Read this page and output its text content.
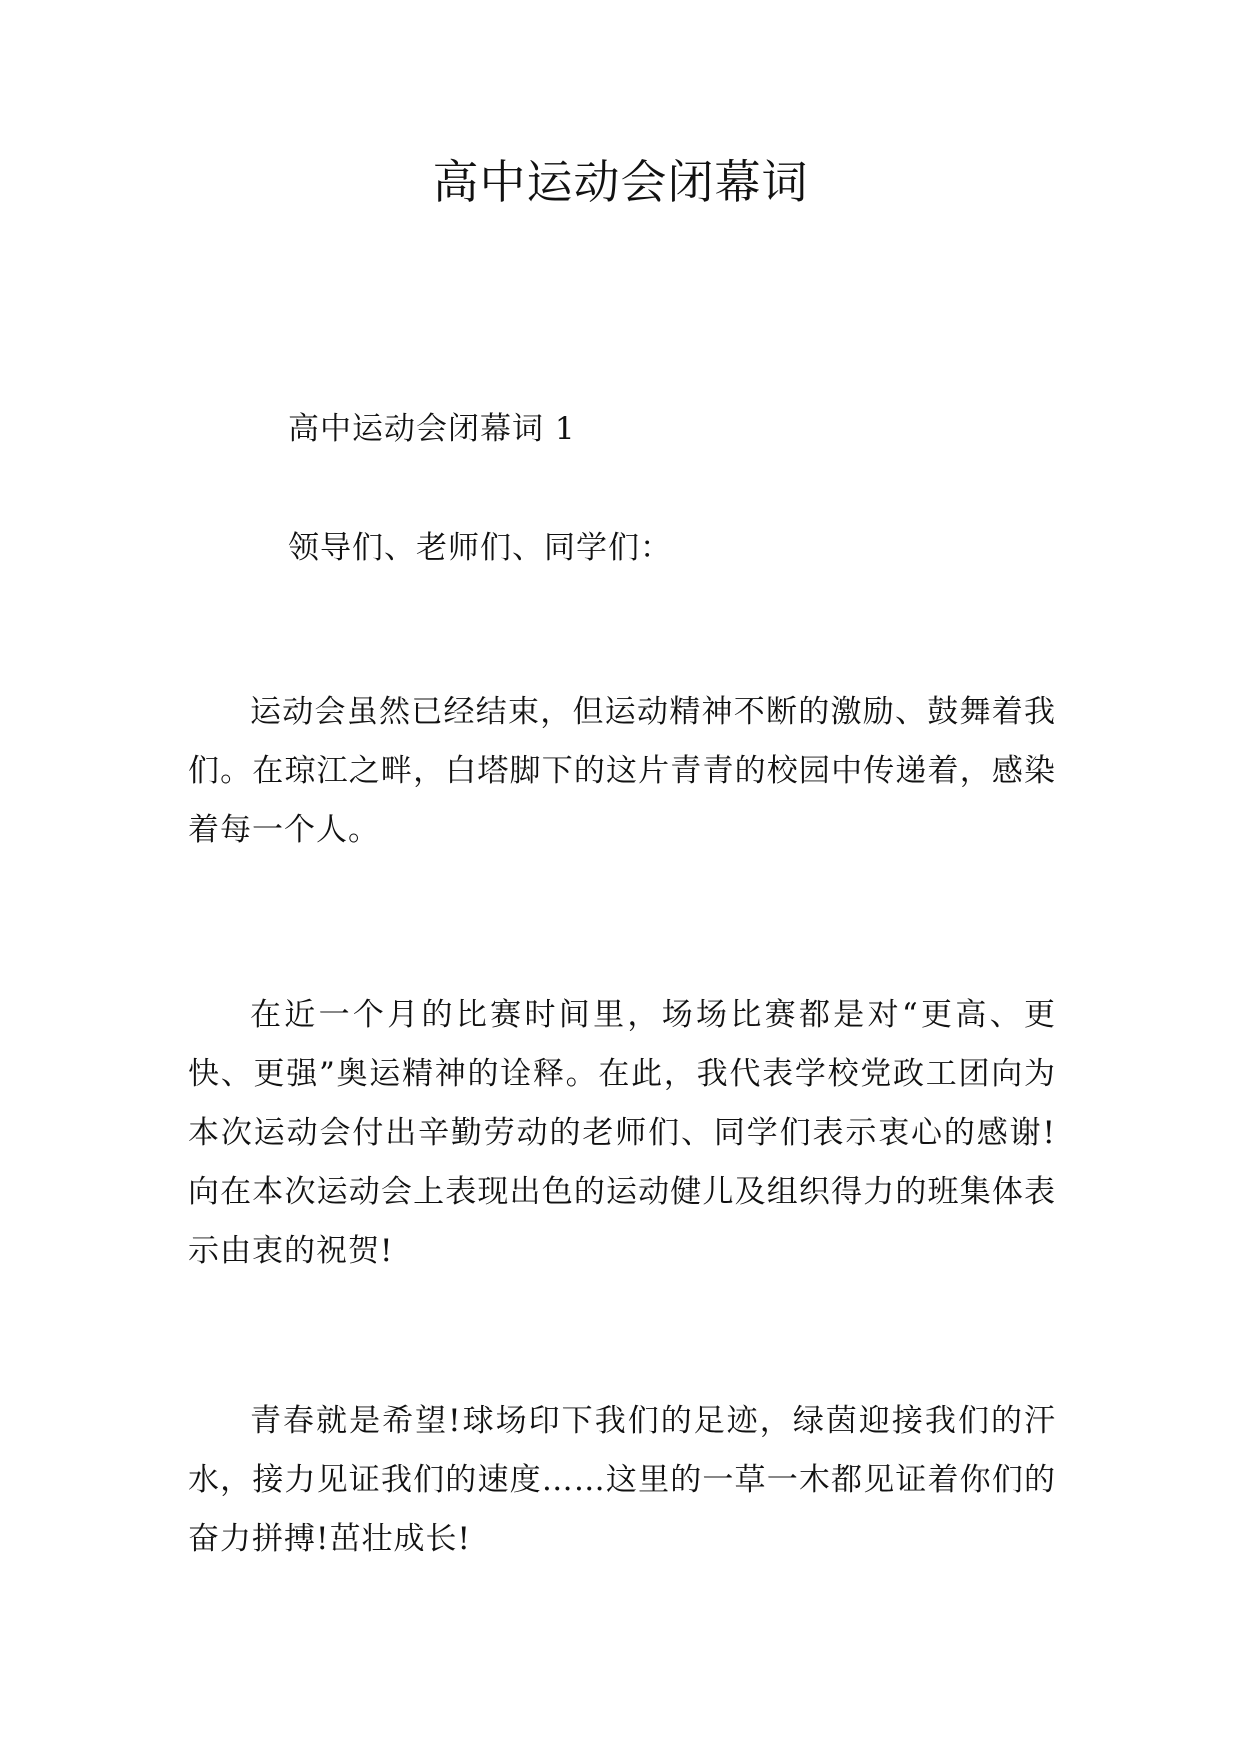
高中运动会闭幕词

高中运动会闭幕词 1

领导们、老师们、同学们：

运动会虽然已经结束，但运动精神不断的激励、鼓舞着我们。在琼江之畔，白塔脚下的这片青青的校园中传递着，感染着每一个人。

在近一个月的比赛时间里，场场比赛都是对“更高、更快、更强”奥运精神的诠释。在此，我代表学校党政工团向为本次运动会付出辛勤劳动的老师们、同学们表示衷心的感谢!向在本次运动会上表现出色的运动健儿及组织得力的班集体表示由衷的祝贺!

青春就是希望!球场印下我们的足迹，绿茵迎接我们的汗水，接力见证我们的速度……这里的一草一木都见证着你们的奋力拼搏!茁壮成长!
